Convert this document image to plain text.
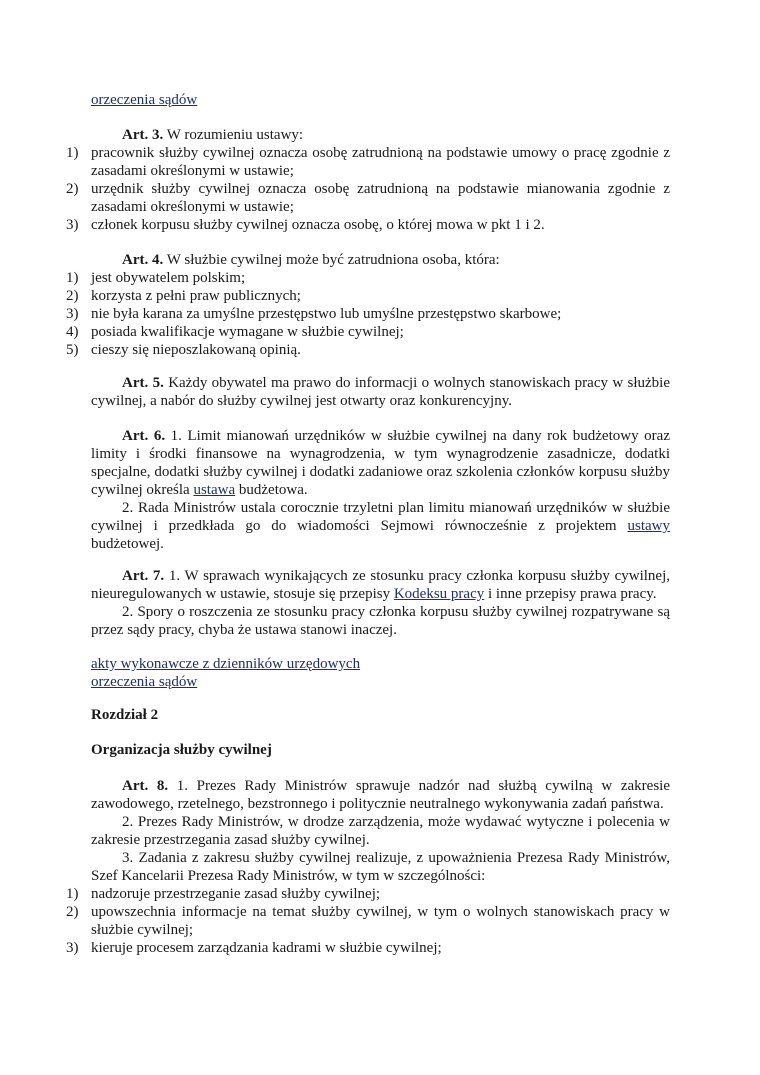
orzeczenia sądów

Art. 3. W rozumieniu ustawy:

1) pracownik służby cywilnej oznacza osobę zatrudnioną na podstawie umowy o pracę zgodnie z zasadami określonymi w ustawie;
2) urzędnik służby cywilnej oznacza osobę zatrudnioną na podstawie mianowania zgodnie z zasadami określonymi w ustawie;
3) członek korpusu służby cywilnej oznacza osobę, o której mowa w pkt 1 i 2.

Art. 4. W służbie cywilnej może być zatrudniona osoba, która:

1) jest obywatelem polskim;
2) korzysta z pełni praw publicznych;
3) nie była karana za umyślne przestępstwo lub umyślne przestępstwo skarbowe;
4) posiada kwalifikacje wymagane w służbie cywilnej;
5) cieszy się nieposzlakowaną opinią.

Art. 5. Każdy obywatel ma prawo do informacji o wolnych stanowiskach pracy w służbie cywilnej, a nabór do służby cywilnej jest otwarty oraz konkurencyjny.

Art. 6. 1. Limit mianowań urzędników w służbie cywilnej na dany rok budżetowy oraz limity i środki finansowe na wynagrodzenia, w tym wynagrodzenie zasadnicze, dodatki specjalne, dodatki służby cywilnej i dodatki zadaniowe oraz szkolenia członków korpusu służby cywilnej określa ustawa budżetowa.

2. Rada Ministrów ustala corocznie trzyletni plan limitu mianowań urzędników w służbie cywilnej i przedkłada go do wiadomości Sejmowi równocześnie z projektem ustawy budżetowej.

Art. 7. 1. W sprawach wynikających ze stosunku pracy członka korpusu służby cywilnej, nieuregulowanych w ustawie, stosuje się przepisy Kodeksu pracy i inne przepisy prawa pracy.

2. Spory o roszczenia ze stosunku pracy członka korpusu służby cywilnej rozpatrywane są przez sądy pracy, chyba że ustawa stanowi inaczej.

akty wykonawcze z dzienników urzędowych
orzeczenia sądów
Rozdział 2
Organizacja służby cywilnej

Art. 8. 1. Prezes Rady Ministrów sprawuje nadzór nad służbą cywilną w zakresie zawodowego, rzetelnego, bezstronnego i politycznie neutralnego wykonywania zadań państwa.

2. Prezes Rady Ministrów, w drodze zarządzenia, może wydawać wytyczne i polecenia w zakresie przestrzegania zasad służby cywilnej.

3. Zadania z zakresu służby cywilnej realizuje, z upoważnienia Prezesa Rady Ministrów, Szef Kancelarii Prezesa Rady Ministrów, w tym w szczególności:

1) nadzoruje przestrzeganie zasad służby cywilnej;
2) upowszechnia informacje na temat służby cywilnej, w tym o wolnych stanowiskach pracy w służbie cywilnej;
3) kieruje procesem zarządzania kadrami w służbie cywilnej;
